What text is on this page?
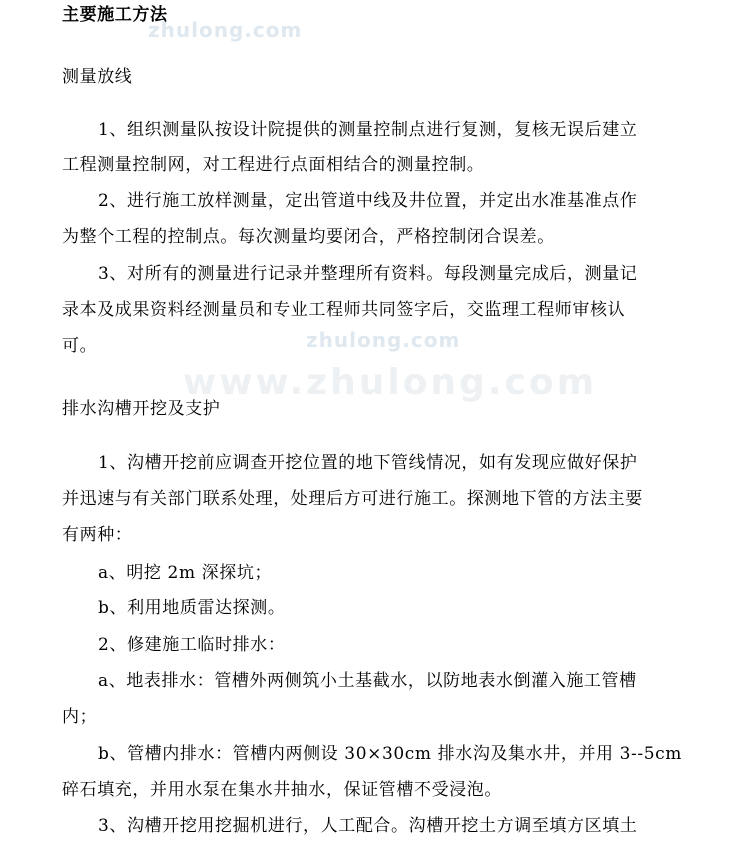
zhulong.com
zhulong.com
www.zhulong.com
主要施工方法
测量放线
1、组织测量队按设计院提供的测量控制点进行复测，复核无误后建立
工程测量控制网，对工程进行点面相结合的测量控制。
2、进行施工放样测量，定出管道中线及井位置，并定出水准基准点作
为整个工程的控制点。每次测量均要闭合，严格控制闭合误差。
3、对所有的测量进行记录并整理所有资料。每段测量完成后，测量记
录本及成果资料经测量员和专业工程师共同签字后，交监理工程师审核认
可。
排水沟槽开挖及支护
1、沟槽开挖前应调查开挖位置的地下管线情况，如有发现应做好保护
并迅速与有关部门联系处理，处理后方可进行施工。探测地下管的方法主要
有两种：
a、明挖 2m 深探坑；
b、利用地质雷达探测。
2、修建施工临时排水：
a、地表排水：管槽外两侧筑小土基截水，以防地表水倒灌入施工管槽
内；
b、管槽内排水：管槽内两侧设 30×30cm 排水沟及集水井，并用 3--5cm
碎石填充，并用水泵在集水井抽水，保证管槽不受浸泡。
3、沟槽开挖用挖掘机进行，人工配合。沟槽开挖土方调至填方区填土
